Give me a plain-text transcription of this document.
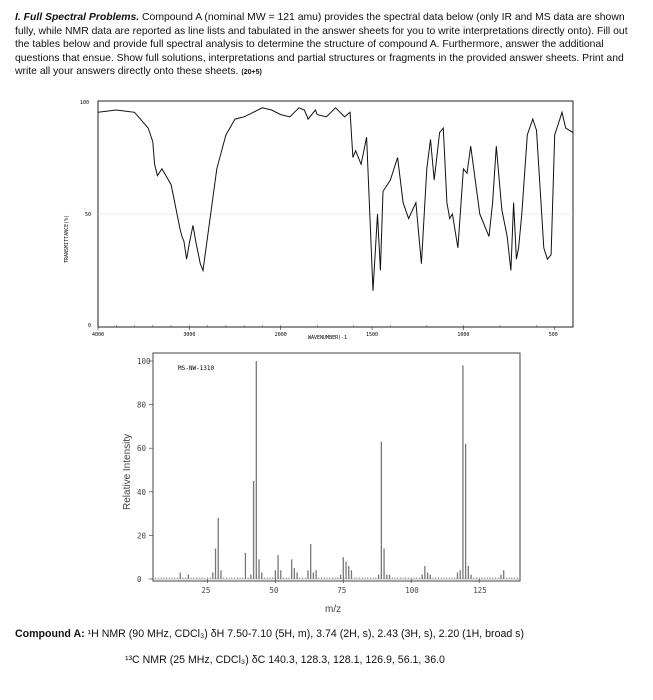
I. Full Spectral Problems. Compound A (nominal MW = 121 amu) provides the spectral data below (only IR and MS data are shown fully, while NMR data are reported as line lists and tabulated in the answer sheets for you to write interpretations directly onto). Fill out the tables below and provide full spectral analysis to determine the structure of compound A. Furthermore, answer the additional questions that ensue. Show full solutions, interpretations and partial structures or fragments in the provided answer sheets. Print and write all your answers directly onto these sheets. (20+5)
100
50
0
TRANSMITTANCE(%)
4000	3000	2000	1500	1000	500
WAVENUMBER(-1
100
80
60
40
20
0
25	50	75	100	125
MS-NW-1310
Relative Intensity
m/z
Compound A: ¹H NMR (90 MHz, CDCl₃) δH 7.50-7.10 (5H, m), 3.74 (2H, s), 2.43 (3H, s), 2.20 (1H, broad s)
¹³C NMR (25 MHz, CDCl₃) δC 140.3, 128.3, 128.1, 126.9, 56.1, 36.0
